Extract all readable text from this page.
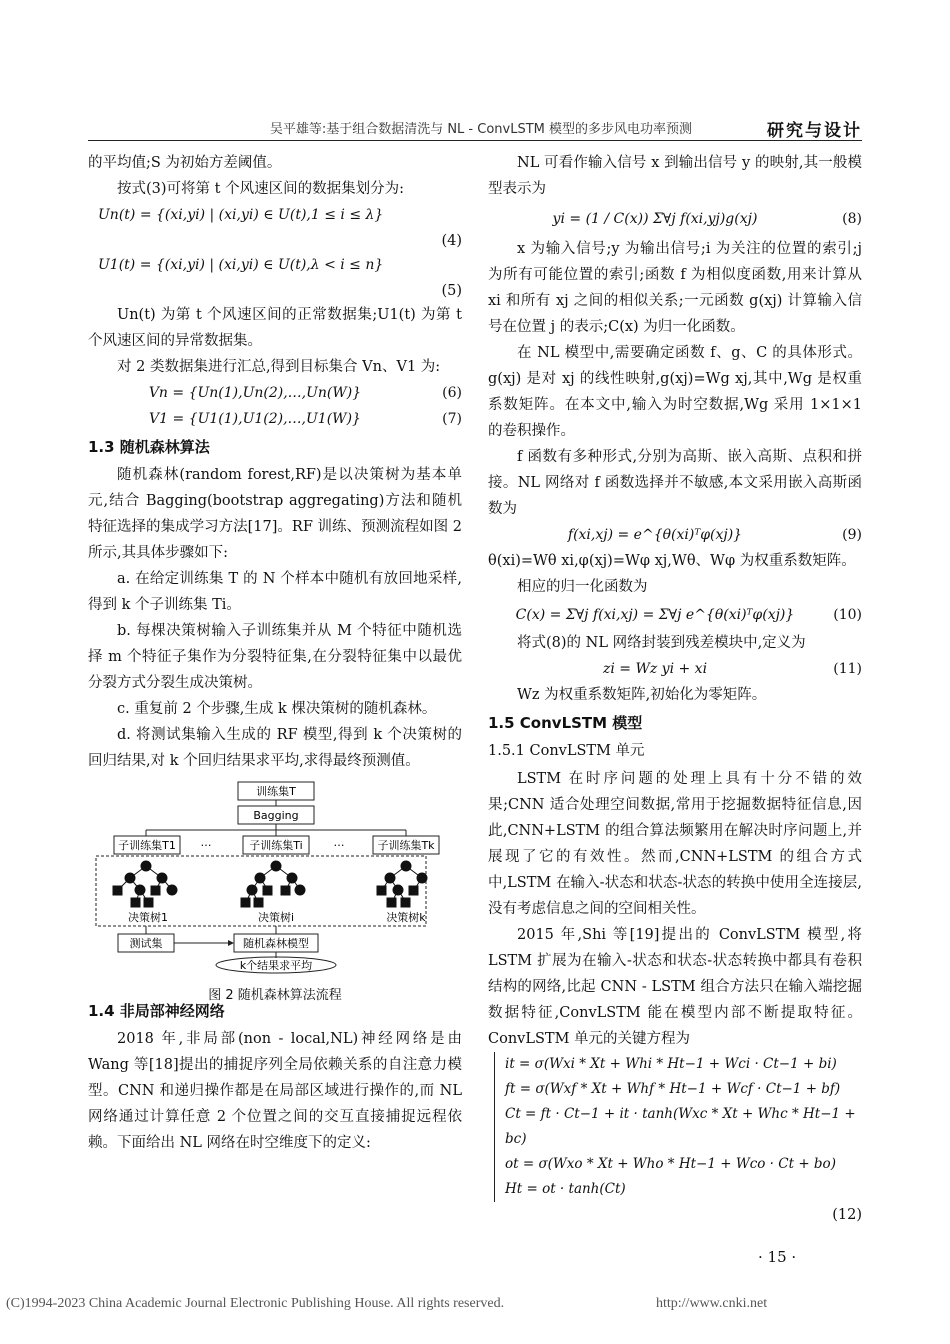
吴平雄等:基于组合数据清洗与 NL - ConvLSTM 模型的多步风电功率预测	研究与设计

的平均值;S 为初始方差阈值。

按式(3)可将第 t 个风速区间的数据集划分为:

Un(t) = {(xi,yi) | (xi,yi) ∈ U(t),1 ≤ i ≤ λ}
(4)
U1(t) = {(xi,yi) | (xi,yi) ∈ U(t),λ < i ≤ n}
(5)

Un(t) 为第 t 个风速区间的正常数据集;U1(t) 为第 t 个风速区间的异常数据集。

对 2 类数据集进行汇总,得到目标集合 Vn、V1 为:

Vn = {Un(1),Un(2),…,Un(W)}	(6)
V1 = {U1(1),U1(2),…,U1(W)}	(7)
1.3 随机森林算法

随机森林(random forest,RF)是以决策树为基本单元,结合 Bagging(bootstrap aggregating)方法和随机特征选择的集成学习方法[17]。RF 训练、预测流程如图 2 所示,其具体步骤如下:

a. 在给定训练集 T 的 N 个样本中随机有放回地采样,得到 k 个子训练集 Ti。

b. 每棵决策树输入子训练集并从 M 个特征中随机选择 m 个特征子集作为分裂特征集,在分裂特征集中以最优分裂方式分裂生成决策树。

c. 重复前 2 个步骤,生成 k 棵决策树的随机森林。

d. 将测试集输入生成的 RF 模型,得到 k 个决策树的回归结果,对 k 个回归结果求平均,求得最终预测值。

训练集T
Bagging
子训练集T1 …	子训练集Ti	…	子训练集Tk
决策树1	决策树i	决策树k
测试集	随机森林模型
k个结果求平均
图 2 随机森林算法流程
1.4 非局部神经网络

2018 年,非局部(non - local,NL)神经网络是由 Wang 等[18]提出的捕捉序列全局依赖关系的自注意力模型。CNN 和递归操作都是在局部区域进行操作的,而 NL 网络通过计算任意 2 个位置之间的交互直接捕捉远程依赖。下面给出 NL 网络在时空维度下的定义:

NL 可看作输入信号 x 到输出信号 y 的映射,其一般模型表示为

yi = (1 / C(x)) Σ∀j f(xi,yj)g(xj)	(8)

x 为输入信号;y 为输出信号;i 为关注的位置的索引;j 为所有可能位置的索引;函数 f 为相似度函数,用来计算从 xi 和所有 xj 之间的相似关系;一元函数 g(xj) 计算输入信号在位置 j 的表示;C(x) 为归一化函数。

在 NL 模型中,需要确定函数 f、g、C 的具体形式。g(xj) 是对 xj 的线性映射,g(xj)=Wg xj,其中,Wg 是权重系数矩阵。在本文中,输入为时空数据,Wg 采用 1×1×1 的卷积操作。

f 函数有多种形式,分别为高斯、嵌入高斯、点积和拼接。NL 网络对 f 函数选择并不敏感,本文采用嵌入高斯函数为

f(xi,xj) = e^{θ(xi)ᵀφ(xj)}	(9)

θ(xi)=Wθ xi,φ(xj)=Wφ xj,Wθ、Wφ 为权重系数矩阵。

相应的归一化函数为

C(x) = Σ∀j f(xi,xj) = Σ∀j e^{θ(xi)ᵀφ(xj)}	(10)

将式(8)的 NL 网络封装到残差模块中,定义为

zi = Wz yi + xi	(11)

Wz 为权重系数矩阵,初始化为零矩阵。

1.5 ConvLSTM 模型
1.5.1 ConvLSTM 单元

LSTM 在时序问题的处理上具有十分不错的效果;CNN 适合处理空间数据,常用于挖掘数据特征信息,因此,CNN+LSTM 的组合算法频繁用在解决时序问题上,并展现了它的有效性。然而,CNN+LSTM 的组合方式中,LSTM 在输入-状态和状态-状态的转换中使用全连接层,没有考虑信息之间的空间相关性。

2015 年,Shi 等[19]提出的 ConvLSTM 模型,将 LSTM 扩展为在输入-状态和状态-状态转换中都具有卷积结构的网络,比起 CNN - LSTM 组合方法只在输入端挖掘数据特征,ConvLSTM 能在模型内部不断提取特征。ConvLSTM 单元的关键方程为

it = σ(Wxi * Xt + Whi * Ht−1 + Wci · Ct−1 + bi)
ft = σ(Wxf * Xt + Whf * Ht−1 + Wcf · Ct−1 + bf)
Ct = ft · Ct−1 + it · tanh(Wxc * Xt + Whc * Ht−1 + bc)
ot = σ(Wxo * Xt + Who * Ht−1 + Wco · Ct + bo)
Ht = ot · tanh(Ct)
(12)
· 15 ·
(C)1994-2023 China Academic Journal Electronic Publishing House. All rights reserved.	http://www.cnki.net
